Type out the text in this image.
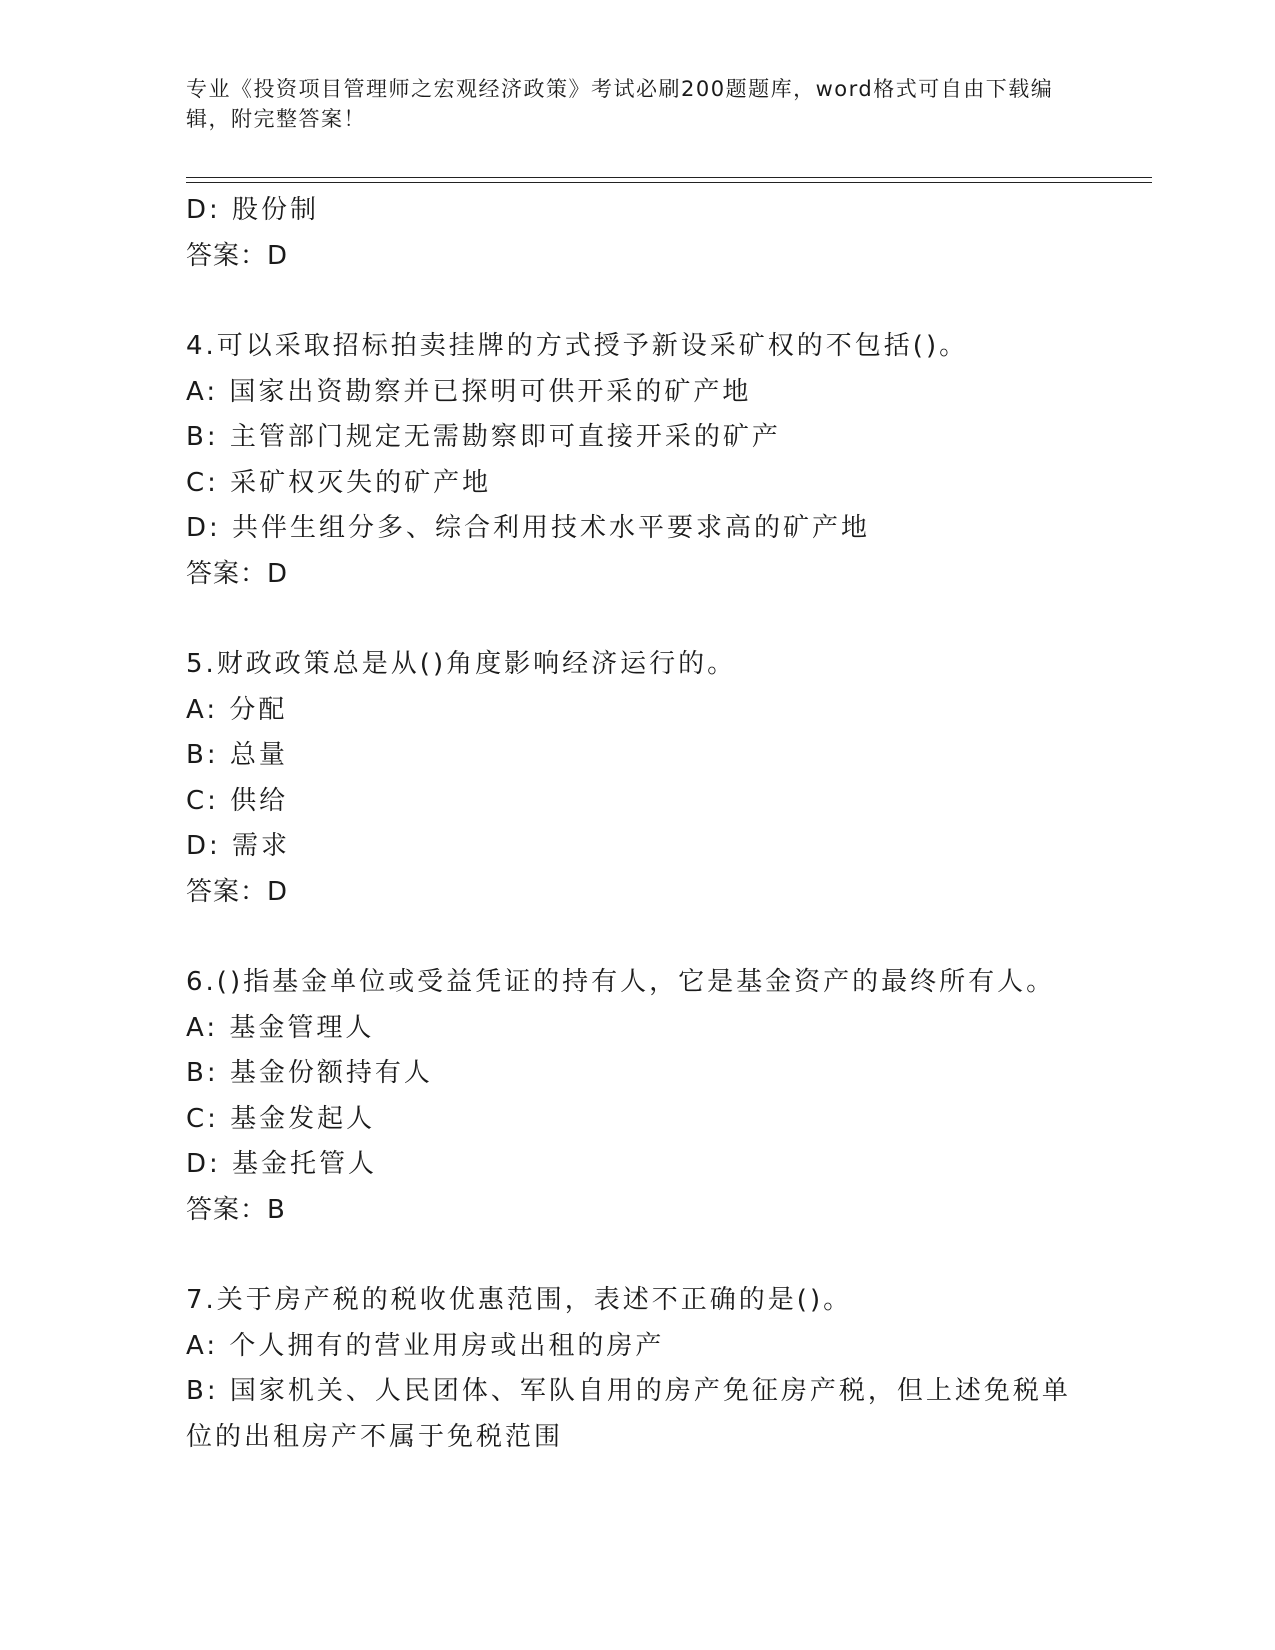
专业《投资项目管理师之宏观经济政策》考试必刷200题题库，word格式可自由下载编辑，附完整答案！
D: 股份制
答案：D
4.可以采取招标拍卖挂牌的方式授予新设采矿权的不包括()。
A: 国家出资勘察并已探明可供开采的矿产地
B: 主管部门规定无需勘察即可直接开采的矿产
C: 采矿权灭失的矿产地
D: 共伴生组分多、综合利用技术水平要求高的矿产地
答案：D
5.财政政策总是从()角度影响经济运行的。
A: 分配
B: 总量
C: 供给
D: 需求
答案：D
6.()指基金单位或受益凭证的持有人，它是基金资产的最终所有人。
A: 基金管理人
B: 基金份额持有人
C: 基金发起人
D: 基金托管人
答案：B
7.关于房产税的税收优惠范围，表述不正确的是()。
A: 个人拥有的营业用房或出租的房产
B: 国家机关、人民团体、军队自用的房产免征房产税，但上述免税单位的出租房产不属于免税范围
